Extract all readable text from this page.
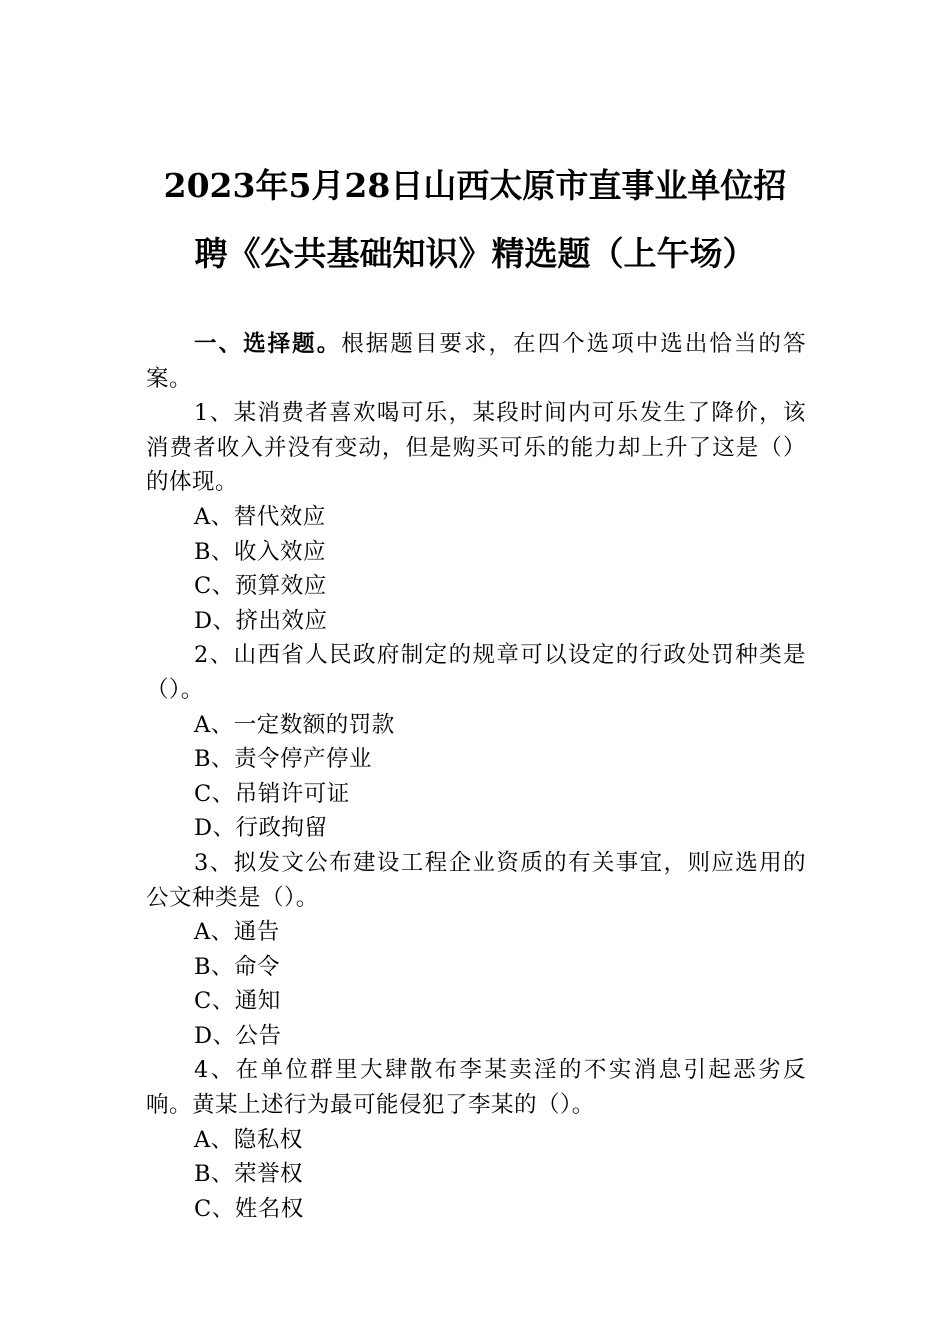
2023年5月28日山西太原市直事业单位招
聘《公共基础知识》精选题（上午场）

一、选择题。根据题目要求，在四个选项中选出恰当的答案。

1、某消费者喜欢喝可乐，某段时间内可乐发生了降价，该消费者收入并没有变动，但是购买可乐的能力却上升了这是（）的体现。

A、替代效应

B、收入效应

C、预算效应

D、挤出效应

2、山西省人民政府制定的规章可以设定的行政处罚种类是（）。

A、一定数额的罚款

B、责令停产停业

C、吊销许可证

D、行政拘留

3、拟发文公布建设工程企业资质的有关事宜，则应选用的公文种类是（）。

A、通告

B、命令

C、通知

D、公告

4、在单位群里大肆散布李某卖淫的不实消息引起恶劣反响。黄某上述行为最可能侵犯了李某的（）。

A、隐私权

B、荣誉权

C、姓名权
